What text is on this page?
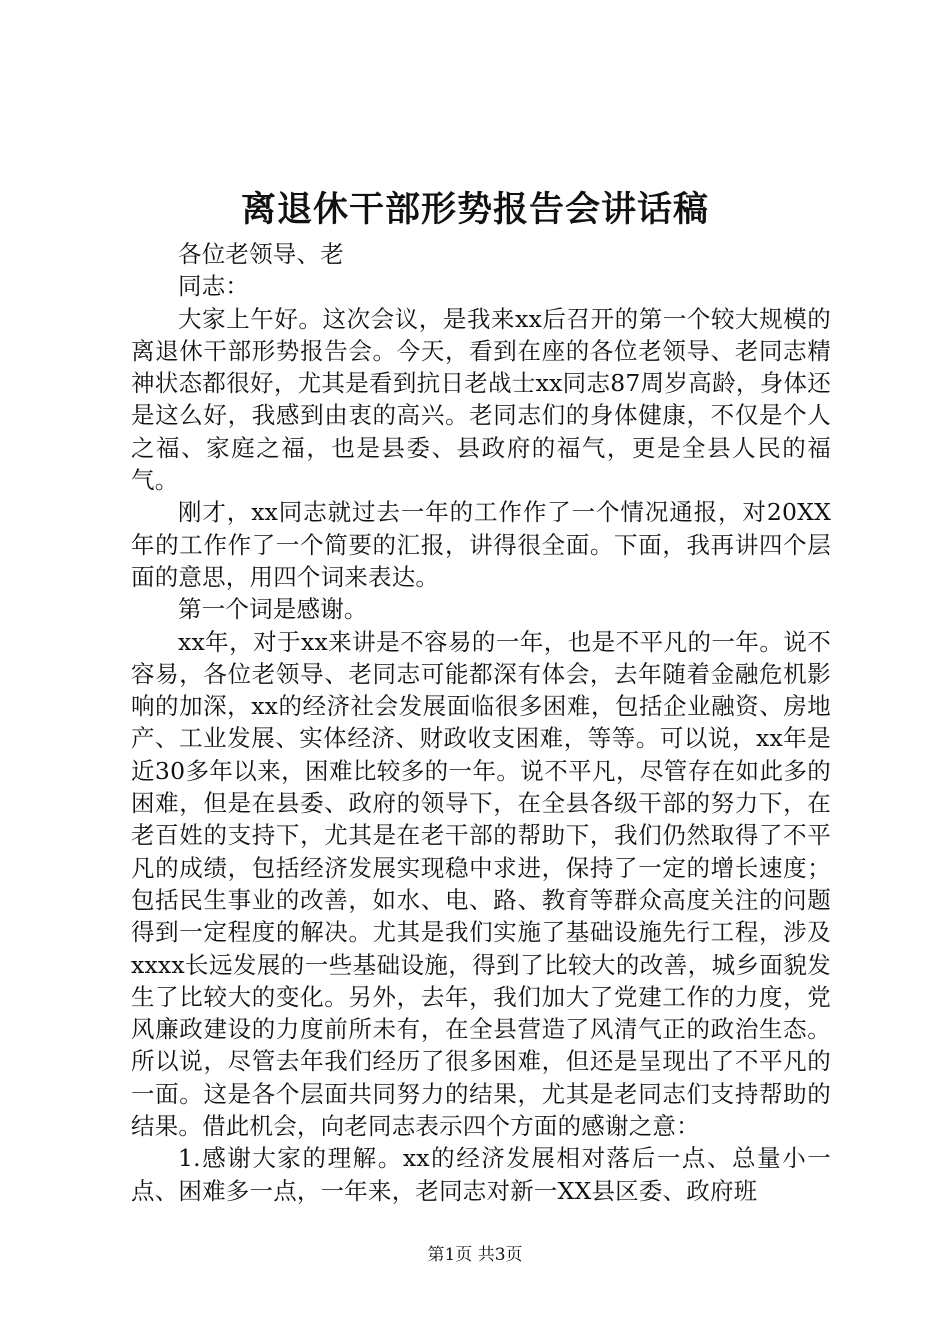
离退休干部形势报告会讲话稿

各位老领导、老

同志：

大家上午好。这次会议，是我来xx后召开的第一个较大规模的离退休干部形势报告会。今天，看到在座的各位老领导、老同志精神状态都很好，尤其是看到抗日老战士xx同志87周岁高龄，身体还是这么好，我感到由衷的高兴。老同志们的身体健康，不仅是个人之福、家庭之福，也是县委、县政府的福气，更是全县人民的福气。

刚才，xx同志就过去一年的工作作了一个情况通报，对20XX年的工作作了一个简要的汇报，讲得很全面。下面，我再讲四个层面的意思，用四个词来表达。

第一个词是感谢。

xx年，对于xx来讲是不容易的一年，也是不平凡的一年。说不容易，各位老领导、老同志可能都深有体会，去年随着金融危机影响的加深，xx的经济社会发展面临很多困难，包括企业融资、房地产、工业发展、实体经济、财政收支困难，等等。可以说，xx年是近30多年以来，困难比较多的一年。说不平凡，尽管存在如此多的困难，但是在县委、政府的领导下，在全县各级干部的努力下，在老百姓的支持下，尤其是在老干部的帮助下，我们仍然取得了不平凡的成绩，包括经济发展实现稳中求进，保持了一定的增长速度；包括民生事业的改善，如水、电、路、教育等群众高度关注的问题得到一定程度的解决。尤其是我们实施了基础设施先行工程，涉及xxxx长远发展的一些基础设施，得到了比较大的改善，城乡面貌发生了比较大的变化。另外，去年，我们加大了党建工作的力度，党风廉政建设的力度前所未有，在全县营造了风清气正的政治生态。所以说，尽管去年我们经历了很多困难，但还是呈现出了不平凡的一面。这是各个层面共同努力的结果，尤其是老同志们支持帮助的结果。借此机会，向老同志表示四个方面的感谢之意：

1.感谢大家的理解。xx的经济发展相对落后一点、总量小一点、困难多一点，一年来，老同志对新一XX县区委、政府班

第1页 共3页
